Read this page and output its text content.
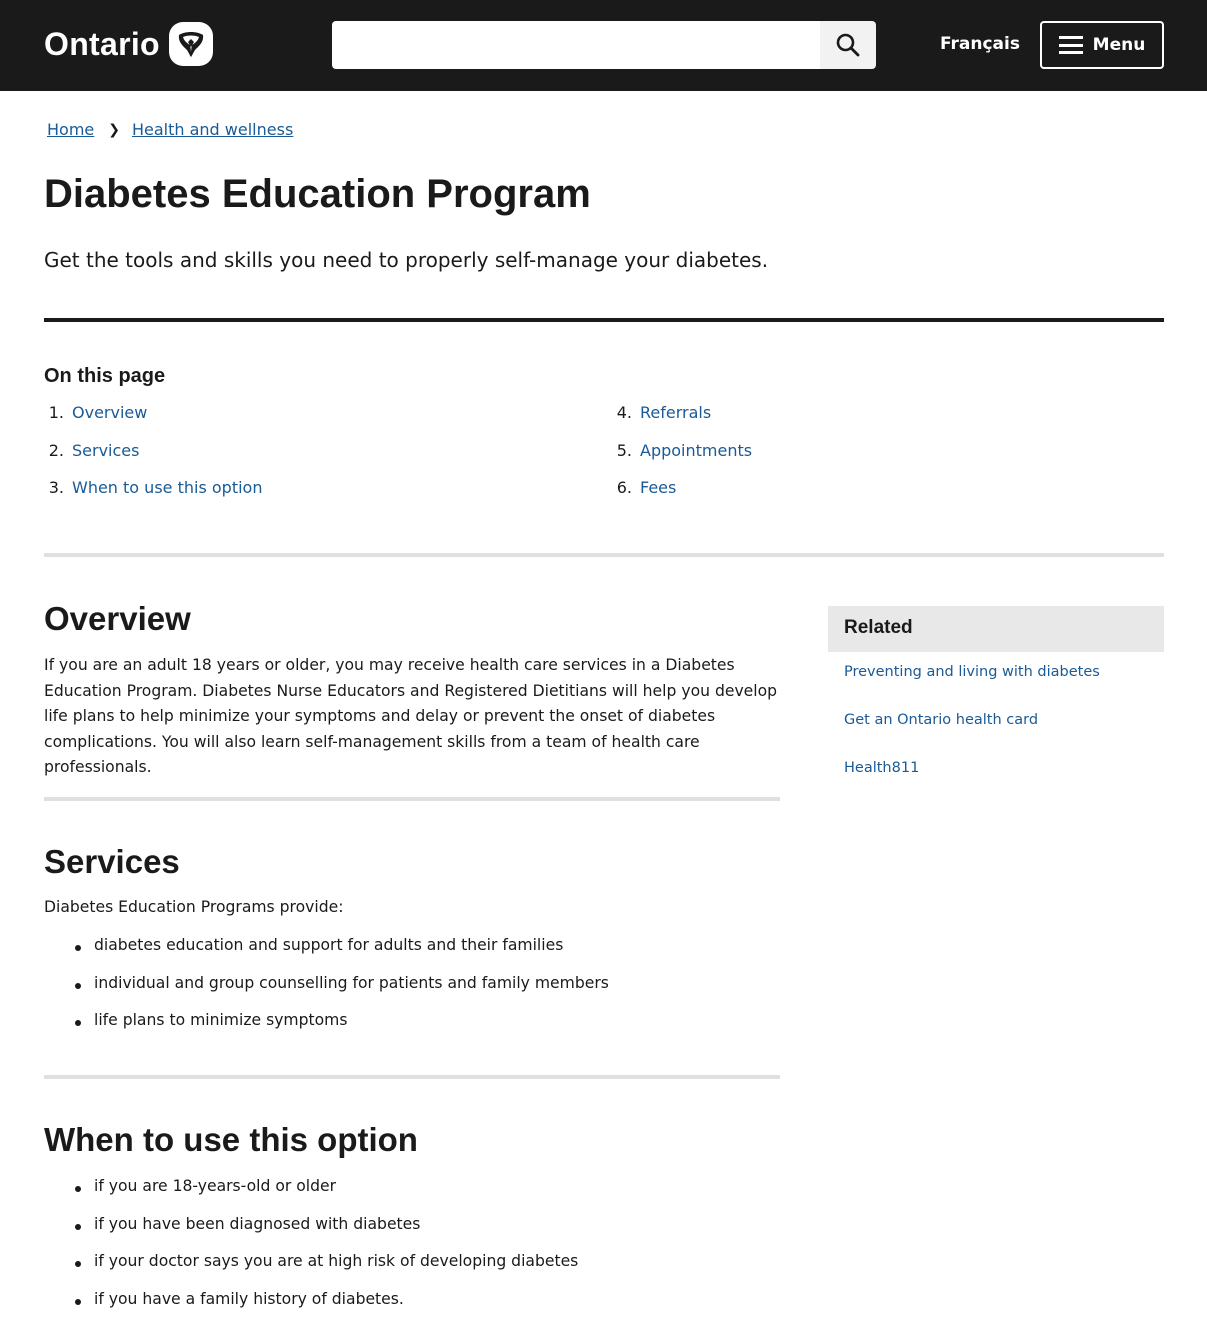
Ontario	Français	Menu
Home ❯ Health and wellness
Diabetes Education Program

Get the tools and skills you need to properly self-manage your diabetes.

On this page
1. Overview
2. Services
3. When to use this option
4. Referrals
5. Appointments
6. Fees
Overview

If you are an adult 18 years or older, you may receive health care services in a Diabetes Education Program. Diabetes Nurse Educators and Registered Dietitians will help you develop life plans to help minimize your symptoms and delay or prevent the onset of diabetes complications. You will also learn self-management skills from a team of health care professionals.

Services

Diabetes Education Programs provide:

diabetes education and support for adults and their families
individual and group counselling for patients and family members
life plans to minimize symptoms
When to use this option
if you are 18-years-old or older
if you have been diagnosed with diabetes
if your doctor says you are at high risk of developing diabetes
if you have a family history of diabetes.
Related
Preventing and living with diabetes
Get an Ontario health card
Health811
